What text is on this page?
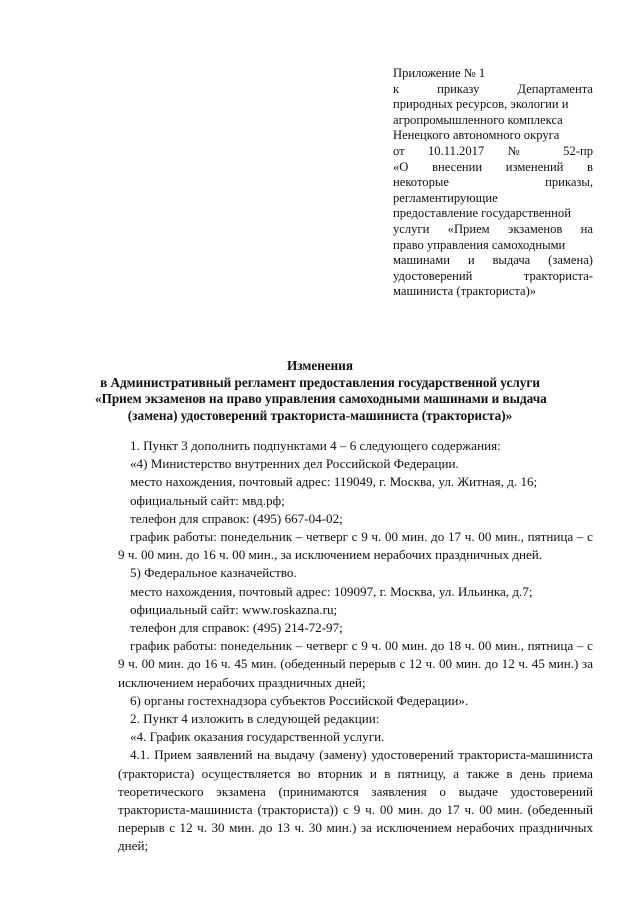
Приложение № 1
к приказу Департамента
природных ресурсов, экологии и
агропромышленного комплекса
Ненецкого автономного округа
от 10.11.2017 № 52-пр
«О внесении изменений в
некоторые приказы,
регламентирующие
предоставление государственной
услуги «Прием экзаменов на
право управления самоходными
машинами и выдача (замена)
удостоверений тракториста-
машиниста (тракториста)»
Изменения
в Административный регламент предоставления государственной услуги
«Прием экзаменов на право управления самоходными машинами и выдача
(замена) удостоверений тракториста-машиниста (тракториста)»

1. Пункт 3 дополнить подпунктами 4 – 6 следующего содержания:

«4) Министерство внутренних дел Российской Федерации.

место нахождения, почтовый адрес: 119049, г. Москва, ул. Житная, д. 16;

официальный сайт: мвд.рф;

телефон для справок: (495) 667-04-02;

график работы: понедельник – четверг с 9 ч. 00 мин. до 17 ч. 00 мин., пятница – с 9 ч. 00 мин. до 16 ч. 00 мин., за исключением нерабочих праздничных дней.

5) Федеральное казначейство.

место нахождения, почтовый адрес: 109097, г. Москва, ул. Ильинка, д.7;

официальный сайт: www.roskazna.ru;

телефон для справок: (495) 214-72-97;

график работы: понедельник – четверг с 9 ч. 00 мин. до 18 ч. 00 мин., пятница – с 9 ч. 00 мин. до 16 ч. 45 мин. (обеденный перерыв с 12 ч. 00 мин. до 12 ч. 45 мин.) за исключением нерабочих праздничных дней;

6) органы гостехнадзора субъектов Российской Федерации».

2. Пункт 4 изложить в следующей редакции:

«4. График оказания государственной услуги.

4.1. Прием заявлений на выдачу (замену) удостоверений тракториста-машиниста (тракториста) осуществляется во вторник и в пятницу, а также в день приема теоретического экзамена (принимаются заявления о выдаче удостоверений тракториста-машиниста (тракториста)) с 9 ч. 00 мин. до 17 ч. 00 мин. (обеденный перерыв с 12 ч. 30 мин. до 13 ч. 30 мин.) за исключением нерабочих праздничных дней;
